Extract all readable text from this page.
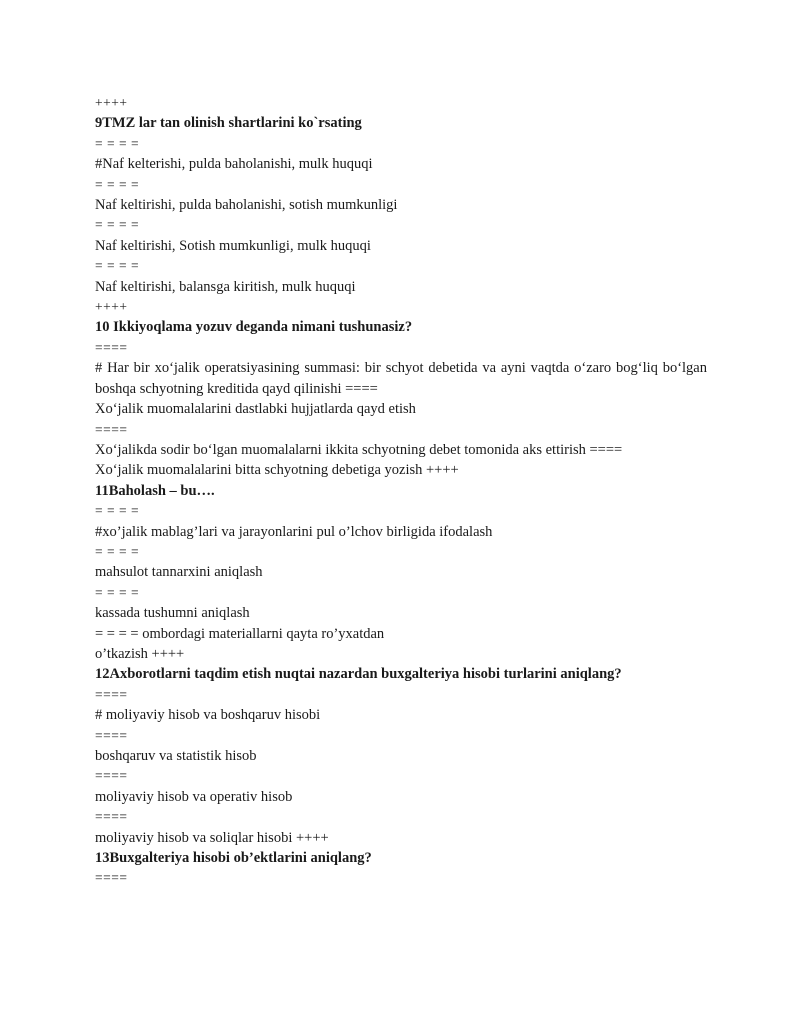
++++
9TMZ lar tan olinish shartlarini ko`rsating
= = = =
#Naf kelterishi, pulda baholanishi, mulk huquqi
= = = =
Naf keltirishi, pulda baholanishi, sotish mumkunligi
= = = =
Naf keltirishi, Sotish mumkunligi, mulk huquqi
= = = =
Naf keltirishi, balansga kiritish, mulk huquqi
++++
10 Ikkiyoqlama yozuv deganda nimani tushunasiz?
====
# Har bir xo‘jalik operatsiyasining summasi: bir schyot debetida va ayni vaqtda o‘zaro bog‘liq bo‘lgan boshqa schyotning kreditida qayd qilinishi ====
Xo‘jalik muomalalarini dastlabki hujjatlarda qayd etish
====
Xo‘jalikda sodir bo‘lgan muomalalarni ikkita schyotning debet tomonida aks ettirish ====
Xo‘jalik muomalalarini bitta schyotning debetiga yozish ++++
11Baholash – bu….
= = = =
#xo’jalik mablag’lari va jarayonlarini pul o’lchov birligida ifodalash
= = = =
mahsulot tannarxini aniqlash
= = = =
kassada tushumni aniqlash
= = = = ombordagi materiallarni qayta ro’yxatdan
o’tkazish ++++
12Axborotlarni taqdim etish nuqtai nazardan buxgalteriya hisobi turlarini aniqlang?
====
# moliyaviy hisob va boshqaruv hisobi
====
boshqaruv va statistik hisob
====
moliyaviy hisob va operativ hisob
====
moliyaviy hisob va soliqlar hisobi ++++
13Buxgalteriya hisobi ob’ektlarini aniqlang?
====
